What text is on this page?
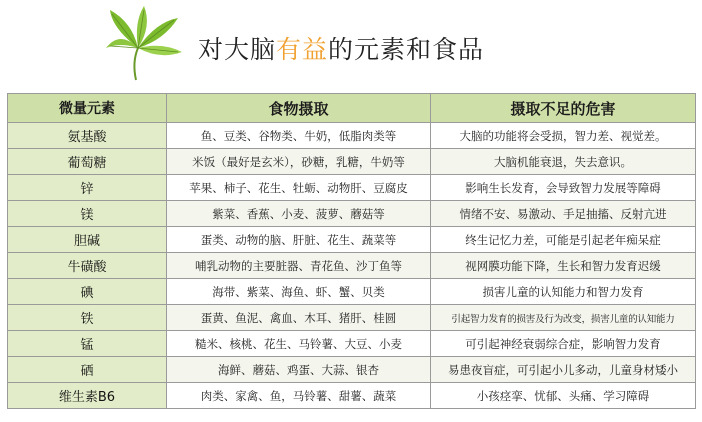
对大脑有益的元素和食品
微量元素	食物摄取	摄取不足的危害
氨基酸	鱼、豆类、谷物类、牛奶，低脂肉类等	大脑的功能将会受损，智力差、视觉差。
葡萄糖	米饭（最好是玄米），砂糖，乳糖，牛奶等	大脑机能衰退，失去意识。
锌	苹果、柿子、花生、牡蛎、动物肝、豆腐皮	影响生长发育，会导致智力发展等障碍
镁	紫菜、香蕉、小麦、菠萝、蘑菇等	情绪不安、易激动、手足抽搐、反射亢进
胆碱	蛋类、动物的脑、肝脏、花生、蔬菜等	终生记忆力差，可能是引起老年痴呆症
牛磺酸	哺乳动物的主要脏器、青花鱼、沙丁鱼等	视网膜功能下降，生长和智力发育迟缓
碘	海带、紫菜、海鱼、虾、蟹、贝类	损害儿童的认知能力和智力发育
铁	蛋黄、鱼泥、禽血、木耳、猪肝、桂圆	引起智力发育的损害及行为改变，损害儿童的认知能力
锰	糙米、核桃、花生、马铃薯、大豆、小麦	可引起神经衰弱综合症，影响智力发育
硒	海鲜、蘑菇、鸡蛋、大蒜、银杏	易患夜盲症，可引起小儿多动，儿童身材矮小
维生素B6	肉类、家禽、鱼，马铃薯、甜薯、蔬菜	小孩痉挛、忧郁、头痛、学习障碍
